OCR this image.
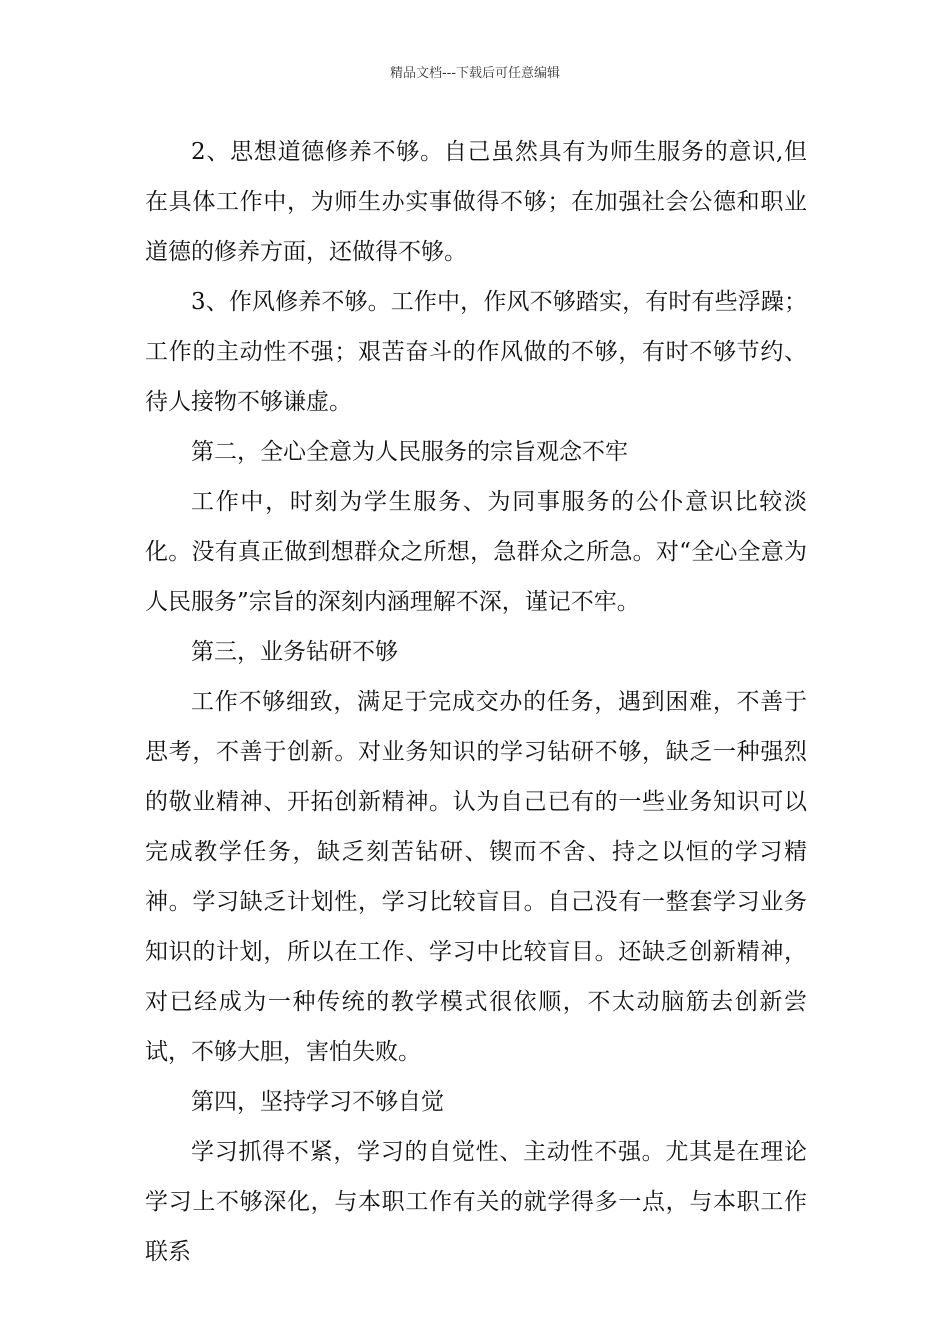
精品文档---下载后可任意编辑

2、思想道德修养不够。自己虽然具有为师生服务的意识,但在具体工作中，为师生办实事做得不够；在加强社会公德和职业道德的修养方面，还做得不够。

3、作风修养不够。工作中，作风不够踏实，有时有些浮躁；工作的主动性不强；艰苦奋斗的作风做的不够，有时不够节约、待人接物不够谦虚。

第二，全心全意为人民服务的宗旨观念不牢

工作中，时刻为学生服务、为同事服务的公仆意识比较淡化。没有真正做到想群众之所想，急群众之所急。对“全心全意为人民服务”宗旨的深刻内涵理解不深，谨记不牢。

第三，业务钻研不够

工作不够细致，满足于完成交办的任务，遇到困难，不善于思考，不善于创新。对业务知识的学习钻研不够，缺乏一种强烈的敬业精神、开拓创新精神。认为自己已有的一些业务知识可以完成教学任务，缺乏刻苦钻研、锲而不舍、持之以恒的学习精神。学习缺乏计划性，学习比较盲目。自己没有一整套学习业务知识的计划，所以在工作、学习中比较盲目。还缺乏创新精神，对已经成为一种传统的教学模式很依顺，不太动脑筋去创新尝试，不够大胆，害怕失败。

第四，坚持学习不够自觉

学习抓得不紧，学习的自觉性、主动性不强。尤其是在理论学习上不够深化，与本职工作有关的就学得多一点，与本职工作联系
